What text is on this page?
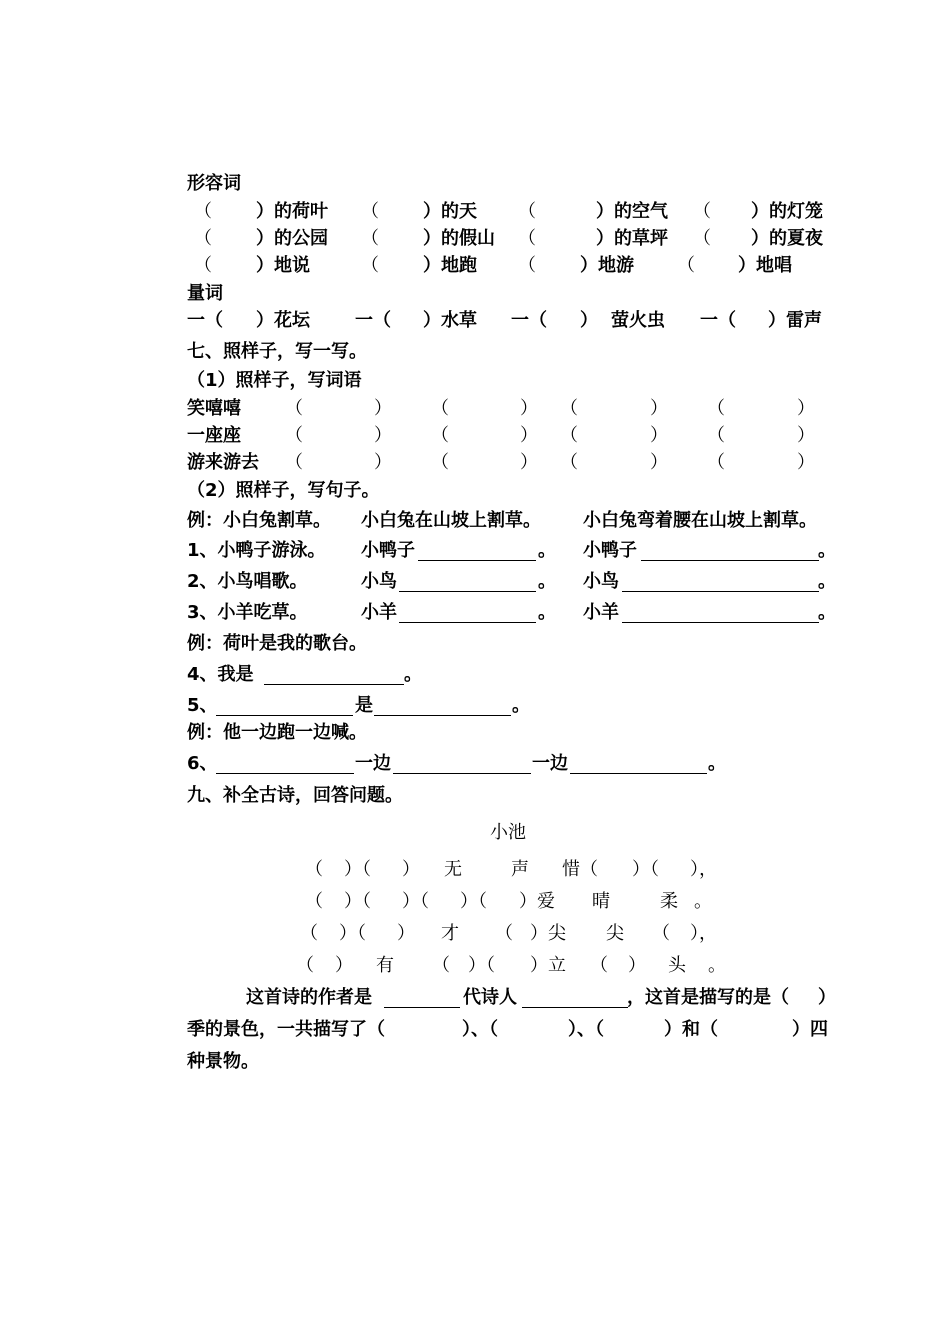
形容词
（ ）的荷叶 （ ）的天 （	）的空气 （ ）的灯笼
（ ）的公园 （ ）的假山 （	）的草坪 （ ）的夏夜
（ ）地说	（ ）地跑 （ ）地游 （ ）地唱
量词
一（ ）花坛	一（ ）水草 一（ ） 萤火虫 一（ ）雷声
七、照样子，写一写。
（1）照样子，写词语
笑嘻嘻 （	） （	） （	） （	）
一座座 （	） （	） （	） （	）
游来游去 （	） （	） （	） （	）
（2）照样子，写句子。
例：小白兔割草。 小白兔在山坡上割草。 小白兔弯着腰在山坡上割草。
1、小鸭子游泳。 小鸭子	。 小鸭子	。
2、小鸟唱歌。	小鸟	。 小鸟	。
3、小羊吃草。	小羊	。 小羊	。
例：荷叶是我的歌台。
4、我是	。
5、	是	。
例：他一边跑一边喊。
6、	一边	一边	。
九、补全古诗，回答问题。
小池
（ ）（ ） 无	声 惜（ ）（ ），
（ ）（ ）（ ）（ ）爱 晴	柔 。
（ ）（ ） 才 （ ）尖 尖 （ ），
（ ） 有 （ ）（ ）立 （ ） 头 。
这首诗的作者是	代诗人	，这首是描写的是（ ）
季的景色，一共描写了（	）、（	）、（	）和（	）四
种景物。
